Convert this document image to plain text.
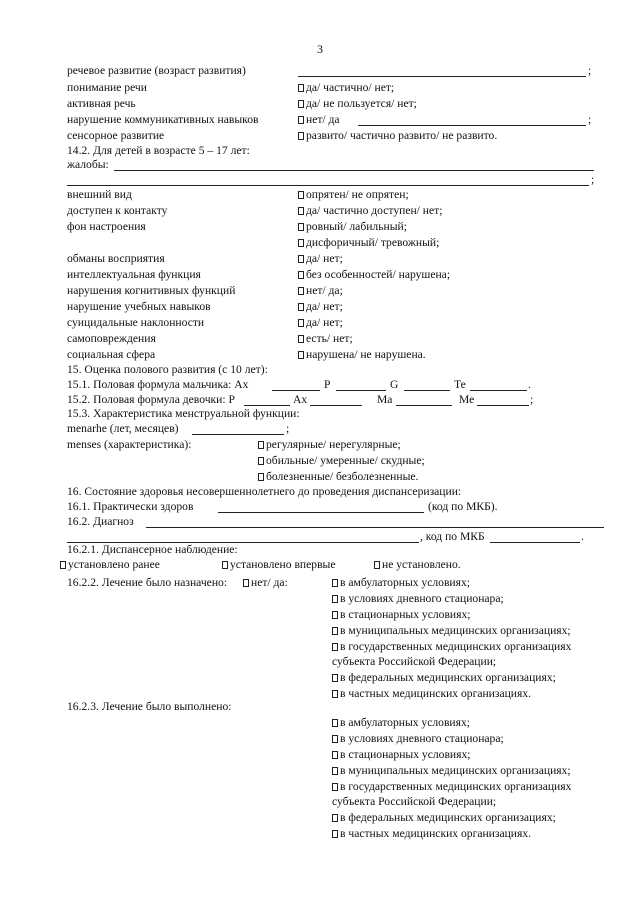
3
речевое развитие (возраст развития)	;
понимание речи	да/ частично/ нет;
активная речь	да/ не пользуется/ нет;
нарушение коммуникативных навыков	нет/ да	;
сенсорное развитие	развито/ частично развито/ не развито.
14.2. Для детей в возрасте 5 – 17 лет:
жалобы:
;
внешний вид	опрятен/ не опрятен;
доступен к контакту	да/ частично доступен/ нет;
фон настроения	ровный/ лабильный;
дисфоричный/ тревожный;
обманы восприятия	да/ нет;
интеллектуальная функция	без особенностей/ нарушена;
нарушения когнитивных функций	нет/ да;
нарушение учебных навыков	да/ нет;
суицидальные наклонности	да/ нет;
самоповреждения	есть/ нет;
социальная сфера	нарушена/ не нарушена.
15. Оценка полового развития (с 10 лет):
15.1. Половая формула мальчика: Ах	Р	G	Те	.
15.2. Половая формула девочки: Р	Ах	Ма	Ме	;
15.3. Характеристика менструальной функции:
menarhe (лет, месяцев)	;
menses (характеристика):	регулярные/ нерегулярные;
обильные/ умеренные/ скудные;
болезненные/ безболезненные.
16. Состояние здоровья несовершеннолетнего до проведения диспансеризации:
16.1. Практически здоров	(код по МКБ).
16.2. Диагноз
, код по МКБ	.
16.2.1. Диспансерное наблюдение:
установлено ранее	установлено впервые	не установлено.
16.2.2. Лечение было назначено:	нет/ да:	в амбулаторных условиях;
в условиях дневного стационара;
в стационарных условиях;
в муниципальных медицинских организациях;
в государственных медицинских организациях
субъекта Российской Федерации;
в федеральных медицинских организациях;
в частных медицинских организациях.
16.2.3. Лечение было выполнено:
в амбулаторных условиях;
в условиях дневного стационара;
в стационарных условиях;
в муниципальных медицинских организациях;
в государственных медицинских организациях
субъекта Российской Федерации;
в федеральных медицинских организациях;
в частных медицинских организациях.
